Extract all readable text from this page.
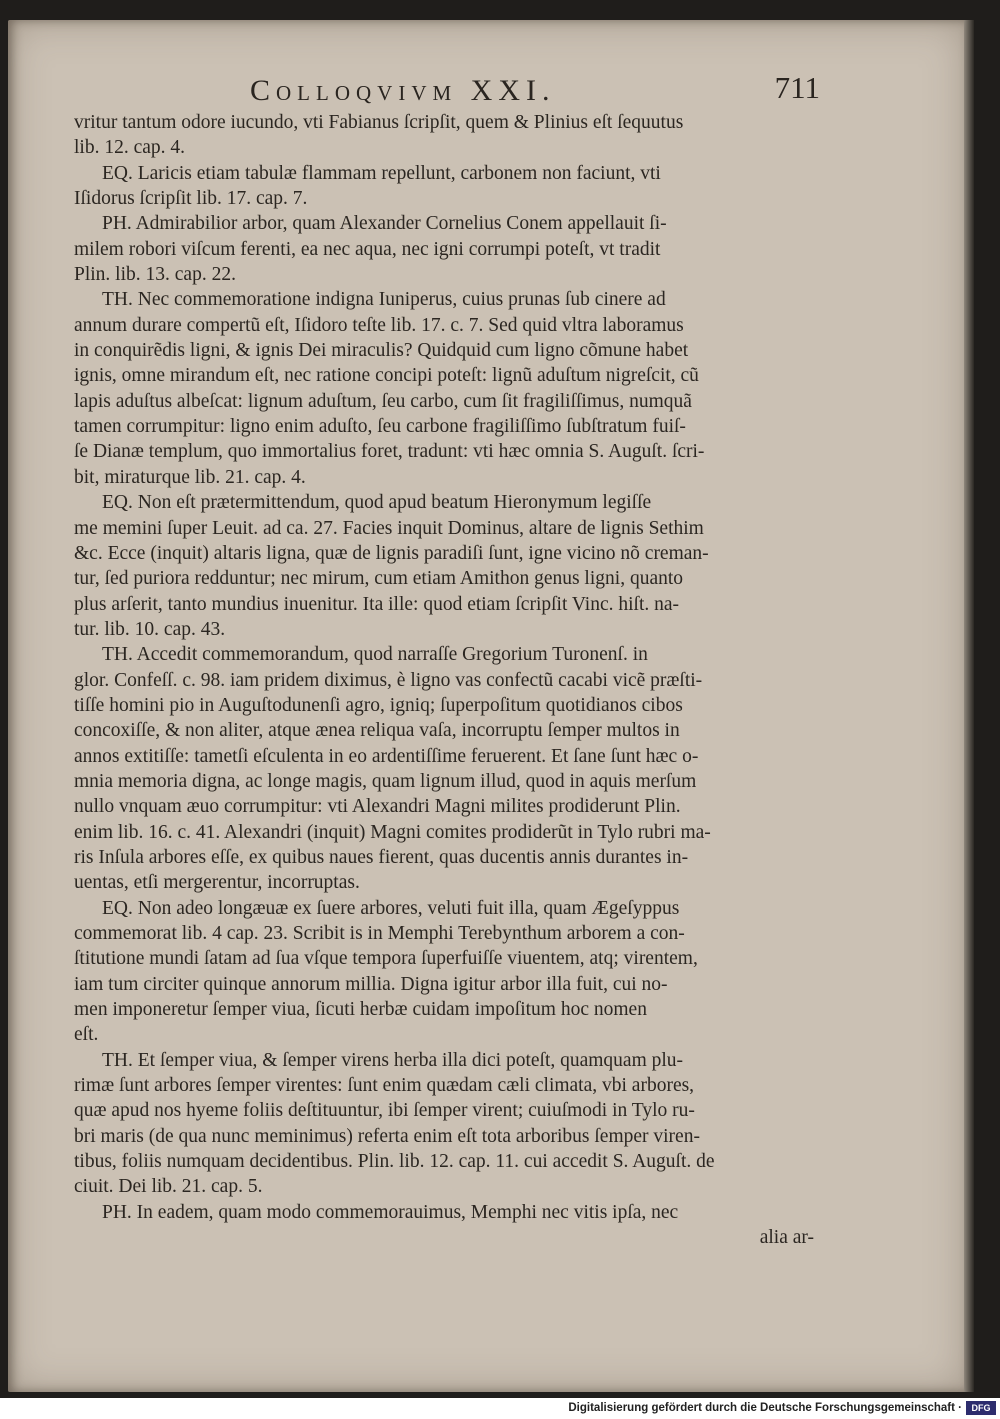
Colloqvivm XXI.	711
vritur tantum odore iucundo, vti Fabianus ſcripſit, quem & Plinius eſt ſequutus
lib. 12. cap. 4.
EQ. Laricis etiam tabulæ flammam repellunt, carbonem non faciunt, vti
Iſidorus ſcripſit lib. 17. cap. 7.
PH. Admirabilior arbor, quam Alexander Cornelius Conem appellauit ſi-
milem robori viſcum ferenti, ea nec aqua, nec igni corrumpi poteſt, vt tradit
Plin. lib. 13. cap. 22.
TH. Nec commemoratione indigna Iuniperus, cuius prunas ſub cinere ad
annum durare compertũ eſt, Iſidoro teſte lib. 17. c. 7. Sed quid vltra laboramus
in conquirẽdis ligni, & ignis Dei miraculis? Quidquid cum ligno cõmune habet
ignis, omne mirandum eſt, nec ratione concipi poteſt: lignũ aduſtum nigreſcit, cũ
lapis aduſtus albeſcat: lignum aduſtum, ſeu carbo, cum ſit fragiliſſimus, numquã
tamen corrumpitur: ligno enim aduſto, ſeu carbone fragiliſſimo ſubſtratum fuiſ-
ſe Dianæ templum, quo immortalius foret, tradunt: vti hæc omnia S. Auguſt. ſcri-
bit, miraturque lib. 21. cap. 4.
EQ. Non eſt prætermittendum, quod apud beatum Hieronymum legiſſe
me memini ſuper Leuit. ad ca. 27. Facies inquit Dominus, altare de lignis Sethim
&c. Ecce (inquit) altaris ligna, quæ de lignis paradiſi ſunt, igne vicino nõ creman-
tur, ſed puriora redduntur; nec mirum, cum etiam Amithon genus ligni, quanto
plus arſerit, tanto mundius inuenitur. Ita ille: quod etiam ſcripſit Vinc. hiſt. na-
tur. lib. 10. cap. 43.
TH. Accedit commemorandum, quod narraſſe Gregorium Turonenſ. in
glor. Confeſſ. c. 98. iam pridem diximus, è ligno vas confectũ cacabi vicẽ præſti-
tiſſe homini pio in Auguſtodunenſi agro, igniq; ſuperpoſitum quotidianos cibos
concoxiſſe, & non aliter, atque ænea reliqua vaſa, incorruptu ſemper multos in
annos extitiſſe: tametſi eſculenta in eo ardentiſſime feruerent. Et ſane ſunt hæc o-
mnia memoria digna, ac longe magis, quam lignum illud, quod in aquis merſum
nullo vnquam æuo corrumpitur: vti Alexandri Magni milites prodiderunt Plin.
enim lib. 16. c. 41. Alexandri (inquit) Magni comites prodiderũt in Tylo rubri ma-
ris Inſula arbores eſſe, ex quibus naues fierent, quas ducentis annis durantes in-
uentas, etſi mergerentur, incorruptas.
EQ. Non adeo longæuæ ex ſuere arbores, veluti fuit illa, quam Ægeſyppus
commemorat lib. 4 cap. 23. Scribit is in Memphi Terebynthum arborem a con-
ſtitutione mundi ſatam ad ſua vſque tempora ſuperfuiſſe viuentem, atq; virentem,
iam tum circiter quinque annorum millia. Digna igitur arbor illa fuit, cui no-
men imponeretur ſemper viua, ſicuti herbæ cuidam impoſitum hoc nomen
eſt.
TH. Et ſemper viua, & ſemper virens herba illa dici poteſt, quamquam plu-
rimæ ſunt arbores ſemper virentes: ſunt enim quædam cæli climata, vbi arbores,
quæ apud nos hyeme foliis deſtituuntur, ibi ſemper virent; cuiuſmodi in Tylo ru-
bri maris (de qua nunc meminimus) referta enim eſt tota arboribus ſemper viren-
tibus, foliis numquam decidentibus. Plin. lib. 12. cap. 11. cui accedit S. Auguſt. de
ciuit. Dei lib. 21. cap. 5.
PH. In eadem, quam modo commemorauimus, Memphi nec vitis ipſa, nec
alia ar-
Digitalisierung gefördert durch die Deutsche Forschungsgemeinschaft ·	DFG
